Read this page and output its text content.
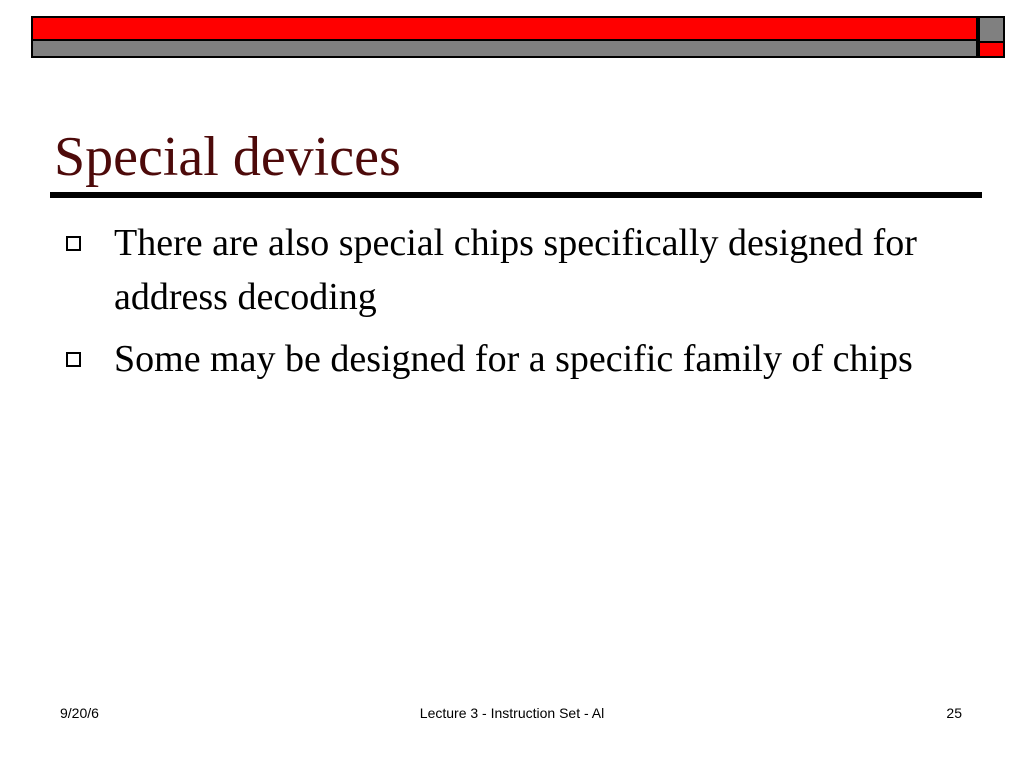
Special devices
There are also special chips specifically designed for address decoding
Some may be designed for a specific family of chips
9/20/6	Lecture 3 - Instruction Set - Al	25
